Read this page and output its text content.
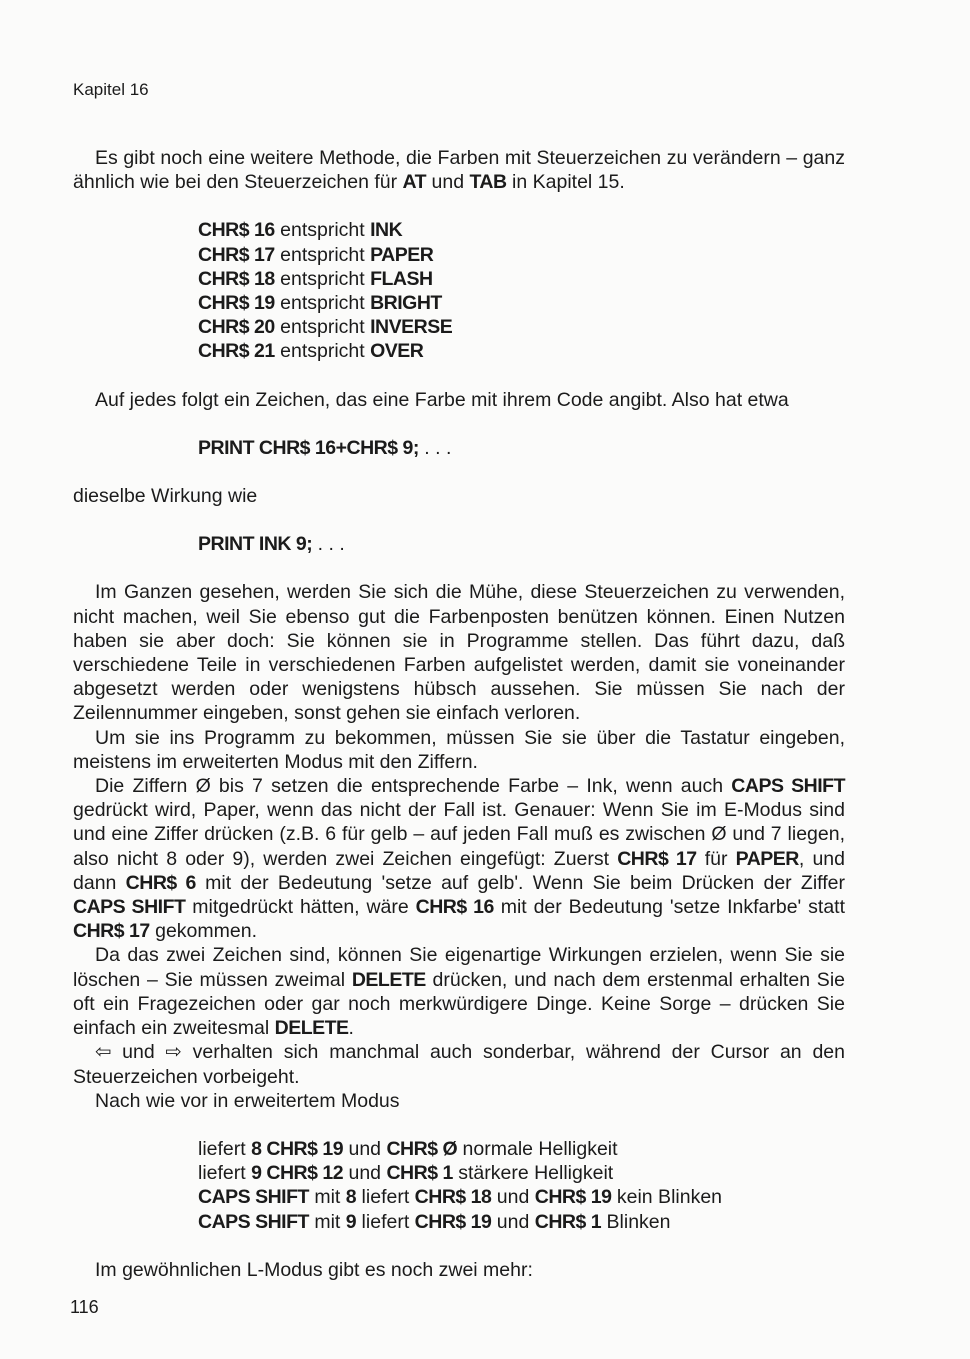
Kapitel 16

Es gibt noch eine weitere Methode, die Farben mit Steuerzeichen zu verändern – ganz ähnlich wie bei den Steuerzeichen für AT und TAB in Kapitel 15.

CHR$ 16 entspricht INK
CHR$ 17 entspricht PAPER
CHR$ 18 entspricht FLASH
CHR$ 19 entspricht BRIGHT
CHR$ 20 entspricht INVERSE
CHR$ 21 entspricht OVER

Auf jedes folgt ein Zeichen, das eine Farbe mit ihrem Code angibt. Also hat etwa

PRINT CHR$ 16+CHR$ 9; . . .

dieselbe Wirkung wie

PRINT INK 9; . . .

Im Ganzen gesehen, werden Sie sich die Mühe, diese Steuerzeichen zu verwenden, nicht machen, weil Sie ebenso gut die Farbenposten benützen können. Einen Nutzen haben sie aber doch: Sie können sie in Programme stellen. Das führt dazu, daß verschiedene Teile in verschiedenen Farben aufgelistet werden, damit sie voneinander abgesetzt werden oder wenigstens hübsch aussehen. Sie müssen Sie nach der Zeilennummer eingeben, sonst gehen sie einfach verloren.

Um sie ins Programm zu bekommen, müssen Sie sie über die Tastatur eingeben, meistens im erweiterten Modus mit den Ziffern.

Die Ziffern Ø bis 7 setzen die entsprechende Farbe – Ink, wenn auch CAPS SHIFT gedrückt wird, Paper, wenn das nicht der Fall ist. Genauer: Wenn Sie im E-Modus sind und eine Ziffer drücken (z.B. 6 für gelb – auf jeden Fall muß es zwischen Ø und 7 liegen, also nicht 8 oder 9), werden zwei Zeichen eingefügt: Zuerst CHR$ 17 für PAPER, und dann CHR$ 6 mit der Bedeutung 'setze auf gelb'. Wenn Sie beim Drücken der Ziffer CAPS SHIFT mitgedrückt hätten, wäre CHR$ 16 mit der Bedeutung 'setze Inkfarbe' statt CHR$ 17 gekommen.

Da das zwei Zeichen sind, können Sie eigenartige Wirkungen erzielen, wenn Sie sie löschen – Sie müssen zweimal DELETE drücken, und nach dem erstenmal erhalten Sie oft ein Fragezeichen oder gar noch merkwürdigere Dinge. Keine Sorge – drücken Sie einfach ein zweitesmal DELETE.

⇦ und ⇨ verhalten sich manchmal auch sonderbar, während der Cursor an den Steuerzeichen vorbeigeht.

Nach wie vor in erweitertem Modus

liefert 8 CHR$ 19 und CHR$ Ø normale Helligkeit
liefert 9 CHR$ 12 und CHR$ 1 stärkere Helligkeit
CAPS SHIFT mit 8 liefert CHR$ 18 und CHR$ 19 kein Blinken
CAPS SHIFT mit 9 liefert CHR$ 19 und CHR$ 1 Blinken

Im gewöhnlichen L-Modus gibt es noch zwei mehr:

116
